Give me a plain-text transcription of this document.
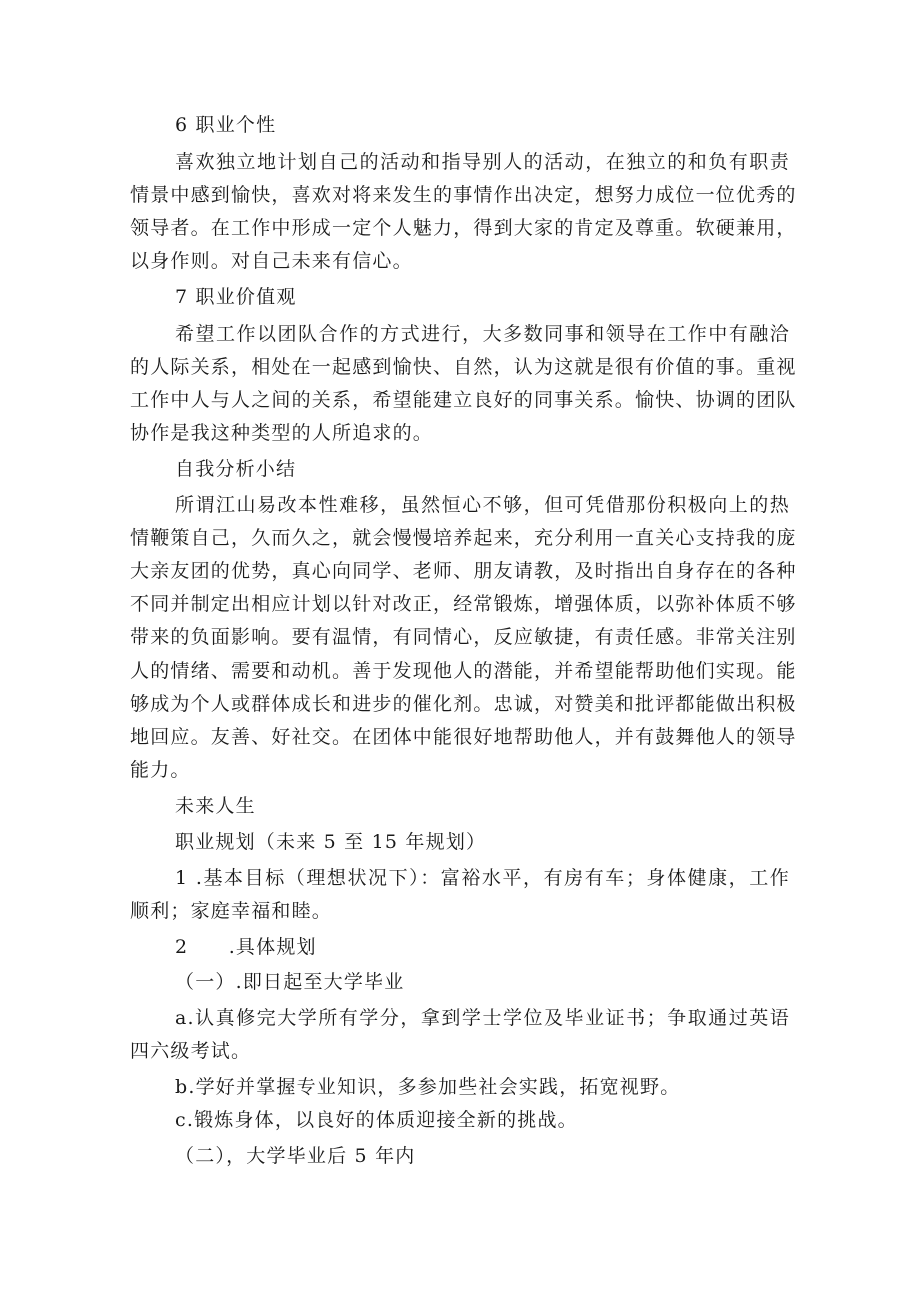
6 职业个性
喜欢独立地计划自己的活动和指导别人的活动，在独立的和负有职责
情景中感到愉快，喜欢对将来发生的事情作出决定，想努力成位一位优秀的
领导者。在工作中形成一定个人魅力，得到大家的肯定及尊重。软硬兼用，
以身作则。对自己未来有信心。
7 职业价值观
希望工作以团队合作的方式进行，大多数同事和领导在工作中有融洽
的人际关系，相处在一起感到愉快、自然，认为这就是很有价值的事。重视
工作中人与人之间的关系，希望能建立良好的同事关系。愉快、协调的团队
协作是我这种类型的人所追求的。
自我分析小结
所谓江山易改本性难移，虽然恒心不够，但可凭借那份积极向上的热
情鞭策自己，久而久之，就会慢慢培养起来，充分利用一直关心支持我的庞
大亲友团的优势，真心向同学、老师、朋友请教，及时指出自身存在的各种
不同并制定出相应计划以针对改正，经常锻炼，增强体质，以弥补体质不够
带来的负面影响。要有温情，有同情心，反应敏捷，有责任感。非常关注别
人的情绪、需要和动机。善于发现他人的潜能，并希望能帮助他们实现。能
够成为个人或群体成长和进步的催化剂。忠诚，对赞美和批评都能做出积极
地回应。友善、好社交。在团体中能很好地帮助他人，并有鼓舞他人的领导
能力。
未来人生
职业规划（未来 5 至 15 年规划）
1 .基本目标（理想状况下）：富裕水平，有房有车；身体健康，工作
顺利；家庭幸福和睦。
2　　.具体规划
（一）.即日起至大学毕业
a.认真修完大学所有学分，拿到学士学位及毕业证书；争取通过英语
四六级考试。
b.学好并掌握专业知识，多参加些社会实践，拓宽视野。
c.锻炼身体，以良好的体质迎接全新的挑战。
（二），大学毕业后 5 年内
